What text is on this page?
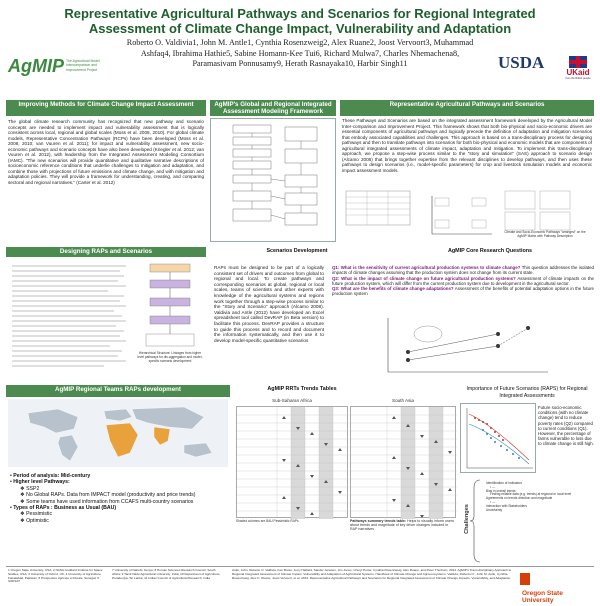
Representative Agricultural Pathways and Scenarios for Regional Integrated Assessment of Climate Change Impact, Vulnerability and Adaptation
AgMIP The Agricultural Model Intercomparison and Improvement Project
Roberto O. Valdivia1, John M. Antle1, Cynthia Rosenzweig2, Alex Ruane2, Joost Vervoort3, Muhammad Ashfaq4, Ibrahima Hathie5, Sabine Homann-Kee Tui6, Richard Mulwa7, Charles Nhemachena8, Paramasivam Ponnusamy9, Herath Rasnayaka10, Harbir Singh11	USDA
UKaid
from the British people
Improving Methods for Climate Change Impact Assessment
The global climate research community has recognized that new pathway and scenario concepts are needed to implement impact and vulnerability assessment that is logically consistent across local, regional and global scales (Moss et al. 2008, 2010). For global climate models, Representative Concentration Pathways (RCPs) have been developed (Moss et al. 2008, 2010; van Vuuren et al. 2011); for impact and vulnerability assessment, new socio-economic pathways and scenario concepts have also been developed (Kriegler et al. 2012; van Vuuren et al. 2012), with leadership from the Integrated Assessment Modeling Consortium (IAMC). "The new scenarios will provide quantitative and qualitative narrative descriptions of socioeconomic reference conditions that underlie challenges to mitigation and adaptation, and combine those with projections of future emissions and climate change, and with mitigation and adaptation policies. They will provide a framework for understanding, creating, and comparing sectoral and regional narratives." (Carter et al. 2012)
AgMIP's Global and Regional Integrated Assessment Modeling Framework
Representative Agricultural Pathways and Scenarios
These Pathways and Scenarios are based on the integrated assessment framework developed by the Agricultural Model Inter-comparison and Improvement Project. This framework shows that both bio-physical and socio-economic drivers are essential components of agricultural pathways and logically precede the definition of adaptation and mitigation scenarios that embody associated capabilities and challenges. This approach is based on a trans-disciplinary process for designing pathways and then to translate pathways into scenarios for both bio-physical and economic models that are components of agricultural integrated assessments of climate impact, adaptation and mitigation. To implement this trans-disciplinary approach, we propose a step-wise process similar to the "story and simulation" (SAS) approach to scenario design (Alcamo 2008) that brings together expertise from the relevant disciplines to develop pathways, and then uses these pathways to design scenarios (i.e., model-specific parameters) for crop and livestock simulation models and economic impact assessment models.
Climate and Socio-Economic Pathways "arranged" on the AgMIP Matrix with Pathway Description
Designing RAPs and Scenarios
Hierarchical Structure: Linkages from higher level pathways for dis-aggregation and model-specific scenario development
Scenarios Development
RAPs must be designed to be part of a logically consistent set of drivers and outcomes from global to regional and local. To create pathways and corresponding scenarios at global, regional or local scales, teams of scientists and other experts with knowledge of the agricultural systems and regions work together through a step-wise process similar to the "Story and Scenario" approach (Alcamo 2008). Valdivia and Antle (2012) have developed an Excel spreadsheet tool called DevRAP (in Beta version) to facilitate this process. DevRAP provides a structure to guide this process and to record and document the information systematically, and then use it to develop model-specific quantitative scenarios
AgMIP Core Research Questions
Q1: What is the sensitivity of current agricultural production systems to climate change? This question addresses the isolated impacts of climate changes assuming that the production system does not change from its current state.
Q2: What is the impact of climate change on future agricultural production systems? Assessment of climate impacts on the future production system, which will differ from the current production system due to development in the agricultural sector.
Q3: What are the benefits of climate change adaptations? Assessment of the benefits of potential adaptation options in the future production system
AgMIP Regional Teams RAPs development
• Period of analysis: Mid-century
• Higher level Pathways:
❖ SSP2
❖ No Global RAPs. Data from IMPACT model (productivity and price trends)
❖ Some teams have used information from CCAFS multi-country scenarios
• Types of RAPs : Business as Usual (BAU)
❖ Pessimistic
❖ Optimistic
AgMIP RRTs Trends Tables
Sub-Saharan Africa	South Asia
Shaded columns are BAU Pessimistic RAPs	Pathways summary trends table: Helps to visually inform users about trends and magnitude of key driver changes included in RAP narratives
Importance of Future Scenarios (RAPS) for Regional Integrated Assessments
Future socio-economic conditions (with no climate change) tend to reduce poverty rates (Q2) compared to current conditions (Q1). However, the percentage of farms vulnerable to loss due to climate change is still high.
Challenges
Identification of indicators
• —
Bias in overall trends
Finding reliable data (e.g. trends) at regional or local level
Agreements on trends direction and magnitude
• —
Interaction with Stakeholders
Uncertainty
1 Oregon State University, USA; 2 NASA Goddard Institute for Space Studies, USA; 3 University of Oxford, UK; 4 University of Agriculture, Faisalabad, Pakistan; 5 Prospective Agricole et Rurale, Senegal; 6 ICRISAT
7 University of Nairobi, Kenya; 8 Human Sciences Research Council, South Africa; 9 Tamil Nadu Agricultural University, India; 10 Department of Agriculture, Peradeniya, Sri Lanka; 11 Indian Council of Agricultural Research, India
Antle, John, Roberto O. Valdivia, Ken Boote, Jerry Hatfield, Sander Janssen, Jim Jones, Cheryl Porter, Cynthia Rosenzweig, Alex Ruane, and Peter Thorburn. 2014. AgMIP's Trans-disciplinary Approach to Regional Integrated Assessment of Climate Impact, Vulnerability and Adaptation of Agricultural Systems. Handbook of Climate Change and Agroecosystems. Valdivia, Roberto O., John M. Antle, Cynthia Rosenzweig, Alex C. Ruane, Joost Vervoort, et al. 2014. Representative Agricultural Pathways and Scenarios for Regional Integrated Assessment of Climate Change Impacts, Vulnerability, and Adaptation.
Oregon State University
